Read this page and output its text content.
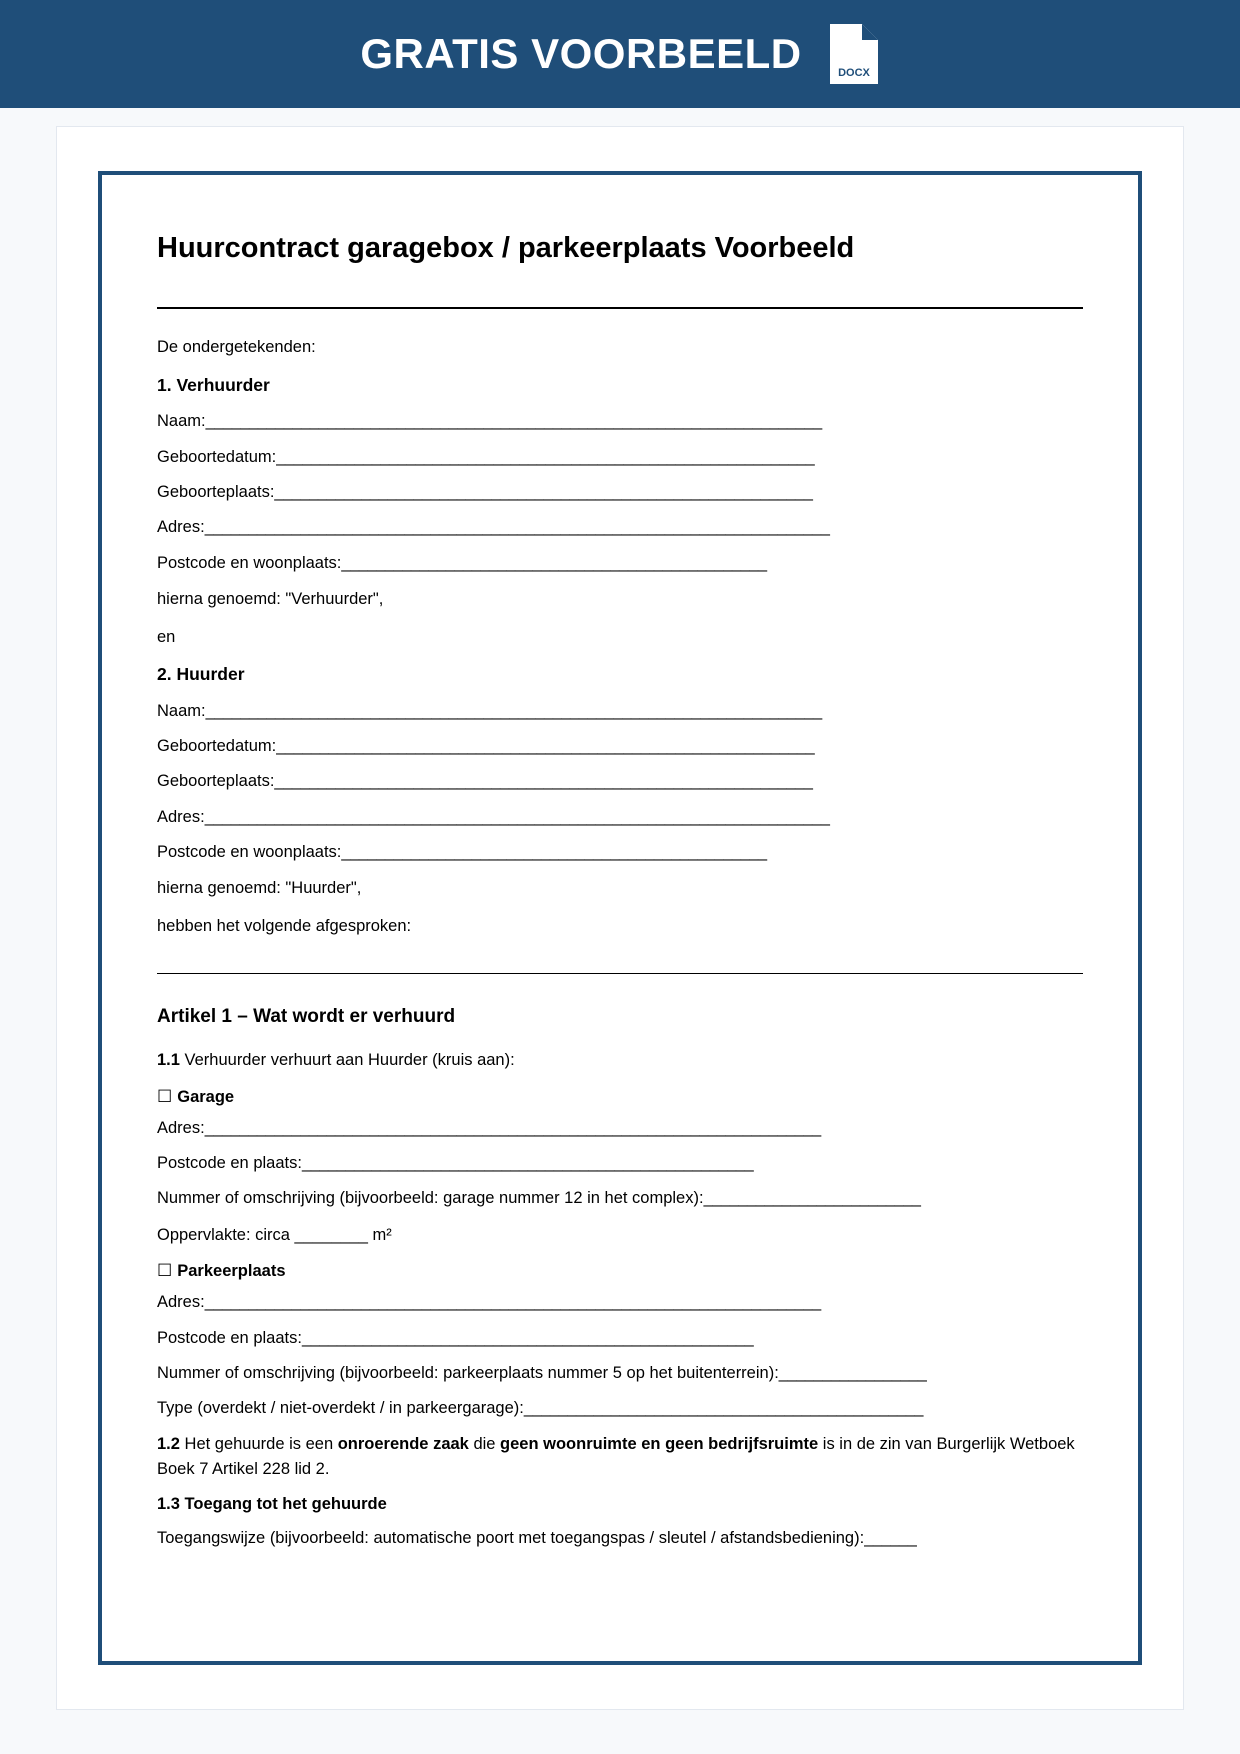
GRATIS VOORBEELD	DOCX
Huurcontract garagebox / parkeerplaats Voorbeeld

De ondergetekenden:

1. Verhuurder

Naam:_______________________________________________________________________
Geboortedatum:______________________________________________________________
Geboorteplaats:______________________________________________________________
Adres:________________________________________________________________________
Postcode en woonplaats:_________________________________________________

hierna genoemd: "Verhuurder",

en

2. Huurder

Naam:_______________________________________________________________________
Geboortedatum:______________________________________________________________
Geboorteplaats:______________________________________________________________
Adres:________________________________________________________________________
Postcode en woonplaats:_________________________________________________

hierna genoemd: "Huurder",

hebben het volgende afgesproken:

Artikel 1 – Wat wordt er verhuurd

1.1 Verhuurder verhuurt aan Huurder (kruis aan):

☐ Garage

Adres:_______________________________________________________________________
Postcode en plaats:____________________________________________________
Nummer of omschrijving (bijvoorbeeld: garage nummer 12 in het complex):_________________________

Oppervlakte: circa ________ m²

☐ Parkeerplaats

Adres:_______________________________________________________________________
Postcode en plaats:____________________________________________________
Nummer of omschrijving (bijvoorbeeld: parkeerplaats nummer 5 op het buitenterrein):_________________
Type (overdekt / niet-overdekt / in parkeergarage):______________________________________________

1.2 Het gehuurde is een onroerende zaak die geen woonruimte en geen bedrijfsruimte is in de zin van Burgerlijk Wetboek Boek 7 Artikel 228 lid 2.

1.3 Toegang tot het gehuurde

Toegangswijze (bijvoorbeeld: automatische poort met toegangspas / sleutel / afstandsbediening):______
